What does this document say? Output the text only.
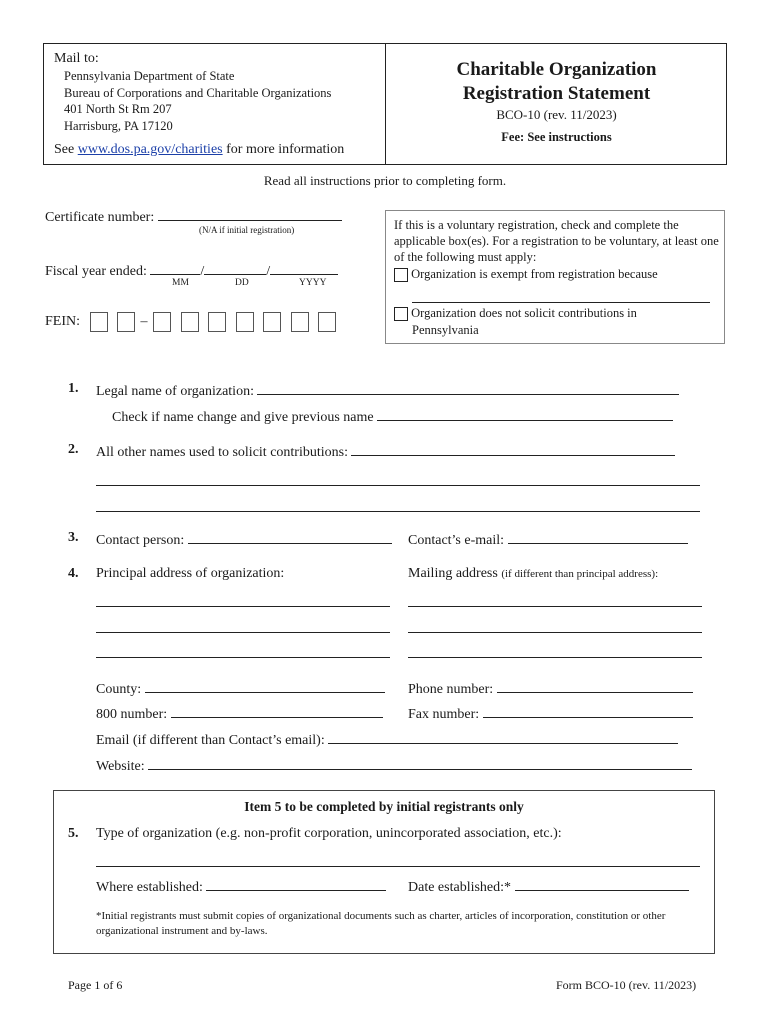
Mail to:
Pennsylvania Department of State
Bureau of Corporations and Charitable Organizations
401 North St Rm 207
Harrisburg, PA 17120
See www.dos.pa.gov/charities for more information
Charitable Organization
Registration Statement
BCO-10 (rev. 11/2023)
Fee: See instructions
Read all instructions prior to completing form.
Certificate number:
(N/A if initial registration)
Fiscal year ended:	/	/
MM	DD	YYYY
FEIN:	–
If this is a voluntary registration, check and complete the applicable box(es). For a registration to be voluntary, at least one of the following must apply:
Organization is exempt from registration because
Organization does not solicit contributions in
Pennsylvania
1. Legal name of organization:
Check if name change and give previous name
2. All other names used to solicit contributions:
3. Contact person:	Contact’s e-mail:
4. Principal address of organization:	Mailing address (if different than principal address):
County:	Phone number:
800 number:	Fax number:
Email (if different than Contact’s email):
Website:
Item 5 to be completed by initial registrants only
5. Type of organization (e.g. non-profit corporation, unincorporated association, etc.):
Where established:	Date established:*
*Initial registrants must submit copies of organizational documents such as charter, articles of incorporation, constitution or other organizational instrument and by-laws.
Page 1 of 6	Form BCO-10 (rev. 11/2023)
